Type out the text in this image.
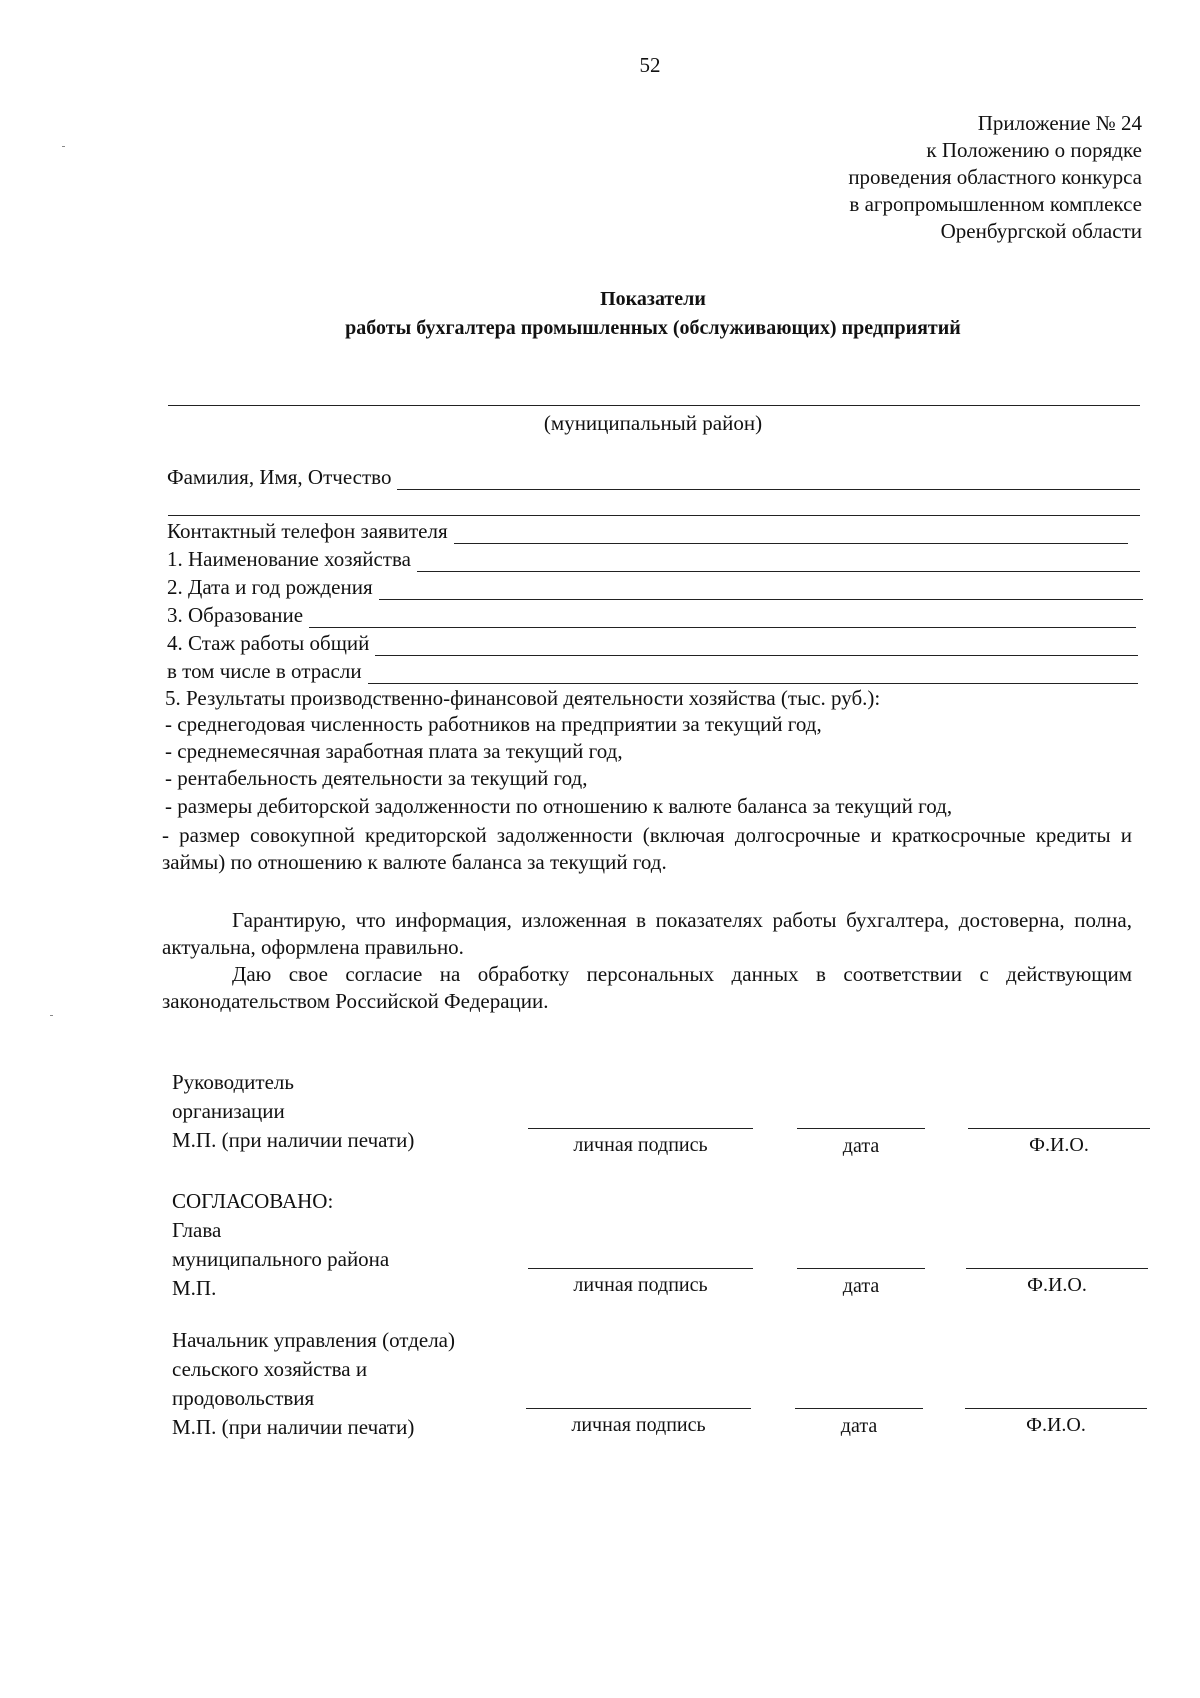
52
Приложение № 24
к Положению о порядке
проведения областного конкурса
в агропромышленном комплексе
Оренбургской области
Показатели
работы бухгалтера промышленных (обслуживающих) предприятий
(муниципальный район)
Фамилия, Имя, Отчество
Контактный телефон заявителя
1. Наименование хозяйства
2. Дата и год рождения
3. Образование
4. Стаж работы общий
в том числе в отрасли
5. Результаты производственно-финансовой деятельности хозяйства (тыс. руб.):
- среднегодовая численность работников на предприятии за текущий год,
- среднемесячная заработная плата за текущий год,
- рентабельность деятельности за текущий год,
- размеры дебиторской задолженности по отношению к валюте баланса за текущий год,
- размер совокупной кредиторской задолженности (включая долгосрочные и краткосрочные кредиты и займы) по отношению к валюте баланса за текущий год.
Гарантирую, что информация, изложенная в показателях работы бухгалтера, достоверна, полна, актуальна, оформлена правильно.
Даю свое согласие на обработку персональных данных в соответствии с действующим законодательством Российской Федерации.
Руководитель
организации
М.П. (при наличии печати)	личная подпись	дата	Ф.И.О.
СОГЛАСОВАНО:
Глава
муниципального района
М.П.	личная подпись	дата	Ф.И.О.
Начальник управления (отдела)
сельского хозяйства и
продовольствия
М.П. (при наличии печати)	личная подпись	дата	Ф.И.О.
